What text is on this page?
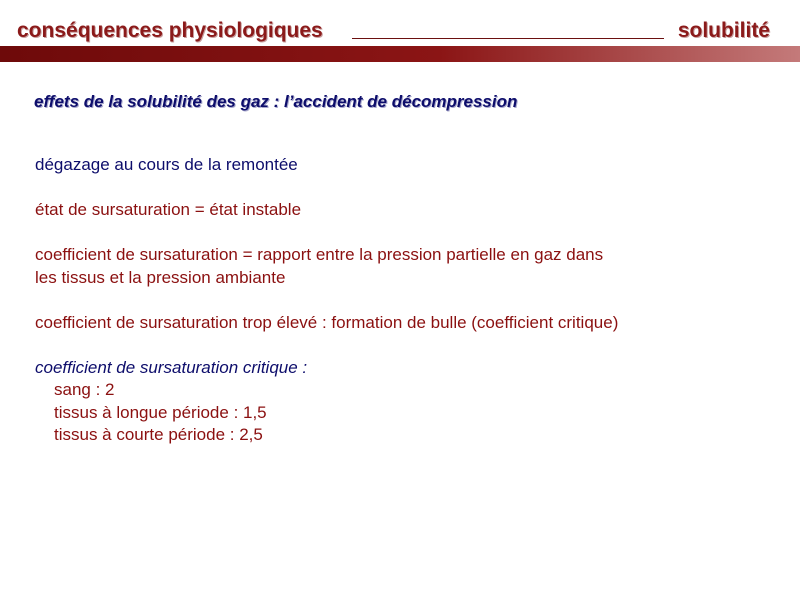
conséquences physiologiques	solubilité
effets de la solubilité des gaz : l’accident de décompression
dégazage au cours de la remontée
état de sursaturation = état instable
coefficient de sursaturation = rapport entre la pression partielle en gaz dans
les tissus et la pression ambiante
coefficient de sursaturation trop élevé : formation de bulle (coefficient critique)
coefficient de sursaturation critique :
sang : 2
tissus à longue période : 1,5
tissus à courte période : 2,5
